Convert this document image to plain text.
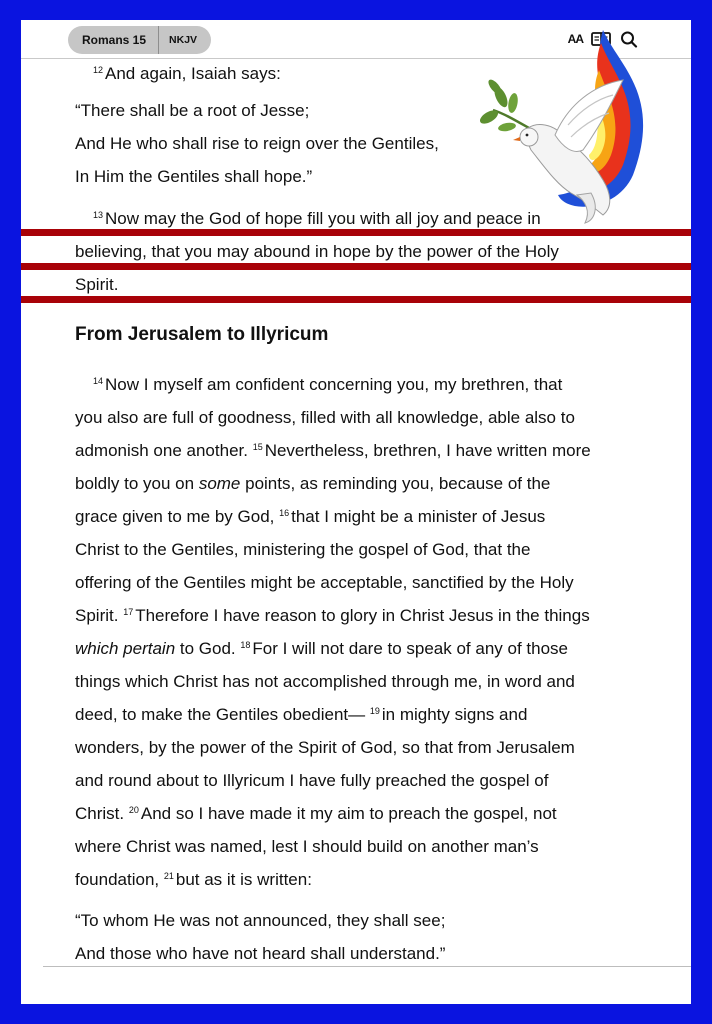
Romans 15	NKJV	AA
$^{12}$ And again, Isaiah says:
“There shall be a root of Jesse;
And He who shall rise to reign over the Gentiles,
In Him the Gentiles shall hope.”
$^{13}$ Now may the God of hope fill you with all joy and peace in
believing, that you may abound in hope by the power of the Holy
Spirit.
From Jerusalem to Illyricum
$^{14}$ Now I myself am confident concerning you, my brethren, that
you also are full of goodness, filled with all knowledge, able also to
admonish one another. $^{15}$ Nevertheless, brethren, I have written more
boldly to you on some points, as reminding you, because of the
grace given to me by God, $^{16}$ that I might be a minister of Jesus
Christ to the Gentiles, ministering the gospel of God, that the
offering of the Gentiles might be acceptable, sanctified by the Holy
Spirit. $^{17}$ Therefore I have reason to glory in Christ Jesus in the things
which pertain to God. $^{18}$ For I will not dare to speak of any of those
things which Christ has not accomplished through me, in word and
deed, to make the Gentiles obedient— $^{19}$ in mighty signs and
wonders, by the power of the Spirit of God, so that from Jerusalem
and round about to Illyricum I have fully preached the gospel of
Christ. $^{20}$ And so I have made it my aim to preach the gospel, not
where Christ was named, lest I should build on another man’s
foundation, $^{21}$ but as it is written:
“To whom He was not announced, they shall see;
And those who have not heard shall understand.”
